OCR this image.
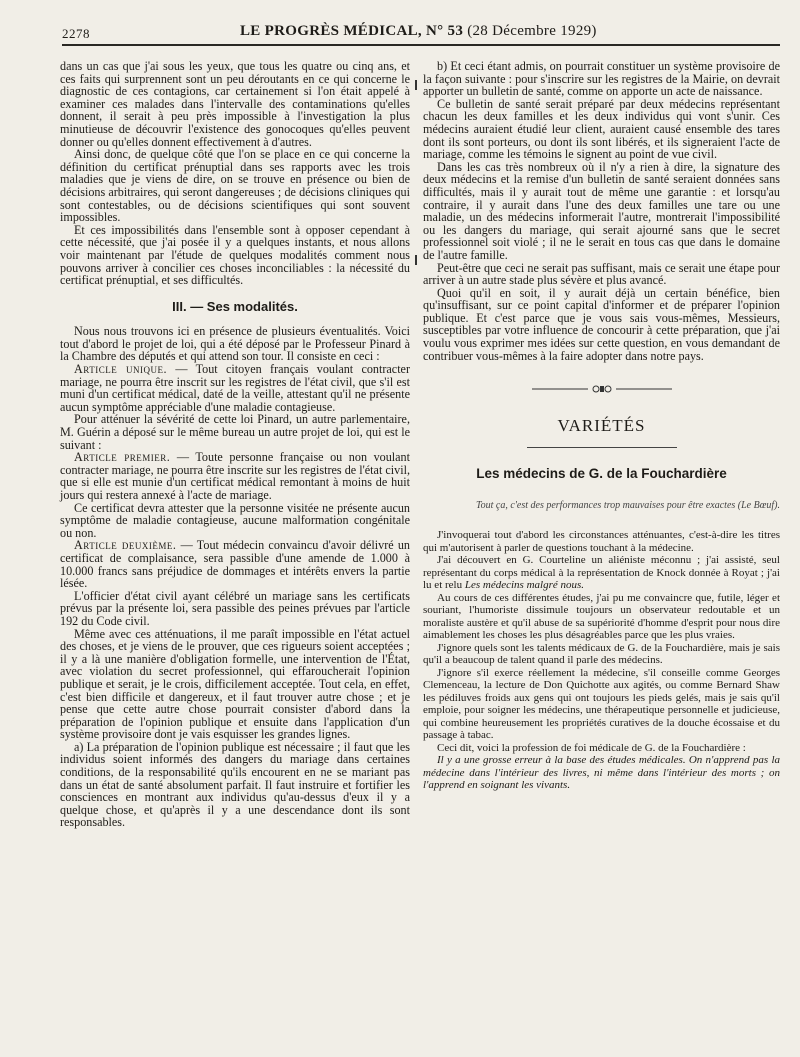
2278	LE PROGRÈS MÉDICAL, N° 53 (28 Décembre 1929)

dans un cas que j'ai sous les yeux, que tous les quatre ou cinq ans, et ces faits qui surprennent sont un peu déroutants en ce qui concerne le diagnostic de ces contagions, car certainement si l'on était appelé à examiner ces malades dans l'intervalle des contaminations qu'elles donnent, il serait à peu près impossible à l'investigation la plus minutieuse de découvrir l'existence des gonocoques qu'elles peuvent donner ou qu'elles donnent effectivement à d'autres.

Ainsi donc, de quelque côté que l'on se place en ce qui concerne la définition du certificat prénuptial dans ses rapports avec les trois maladies que je viens de dire, on se trouve en présence ou bien de décisions arbitraires, qui seront dangereuses ; de décisions cliniques qui sont contestables, ou de décisions scientifiques qui sont souvent impossibles.

Et ces impossibilités dans l'ensemble sont à opposer cependant à cette nécessité, que j'ai posée il y a quelques instants, et nous allons voir maintenant par l'étude de quelques modalités comment nous pouvons arriver à concilier ces choses inconciliables : la nécessité du certificat prénuptial, et ses difficultés.

III. — Ses modalités.

Nous nous trouvons ici en présence de plusieurs éventualités. Voici tout d'abord le projet de loi, qui a été déposé par le Professeur Pinard à la Chambre des députés et qui attend son tour. Il consiste en ceci :

Article unique. — Tout citoyen français voulant contracter mariage, ne pourra être inscrit sur les registres de l'état civil, que s'il est muni d'un certificat médical, daté de la veille, attestant qu'il ne présente aucun symptôme appréciable d'une maladie contagieuse.

Pour atténuer la sévérité de cette loi Pinard, un autre parlementaire, M. Guérin a déposé sur le même bureau un autre projet de loi, qui est le suivant :

Article premier. — Toute personne française ou non voulant contracter mariage, ne pourra être inscrite sur les registres de l'état civil, que si elle est munie d'un certificat médical remontant à moins de huit jours qui restera annexé à l'acte de mariage.

Ce certificat devra attester que la personne visitée ne présente aucun symptôme de maladie contagieuse, aucune malformation congénitale ou non.

Article deuxième. — Tout médecin convaincu d'avoir délivré un certificat de complaisance, sera passible d'une amende de 1.000 à 10.000 francs sans préjudice de dommages et intérêts envers la partie lésée.

L'officier d'état civil ayant célébré un mariage sans les certificats prévus par la présente loi, sera passible des peines prévues par l'article 192 du Code civil.

Même avec ces atténuations, il me paraît impossible en l'état actuel des choses, et je viens de le prouver, que ces rigueurs soient acceptées ; il y a là une manière d'obligation formelle, une intervention de l'État, avec violation du secret professionnel, qui effaroucherait l'opinion publique et serait, je le crois, difficilement acceptée. Tout cela, en effet, c'est bien difficile et dangereux, et il faut trouver autre chose ; et je pense que cette autre chose pourrait consister d'abord dans la préparation de l'opinion publique et ensuite dans l'application d'un système provisoire dont je vais esquisser les grandes lignes.

a) La préparation de l'opinion publique est nécessaire ; il faut que les individus soient informés des dangers du mariage dans certaines conditions, de la responsabilité qu'ils encourent en ne se mariant pas dans un état de santé absolument parfait. Il faut instruire et fortifier les consciences en montrant aux individus qu'au-dessus d'eux il y a quelque chose, et qu'après il y a une descendance dont ils sont responsables.

b) Et ceci étant admis, on pourrait constituer un système provisoire de la façon suivante : pour s'inscrire sur les registres de la Mairie, on devrait apporter un bulletin de santé, comme on apporte un acte de naissance.

Ce bulletin de santé serait préparé par deux médecins représentant chacun les deux familles et les deux individus qui vont s'unir. Ces médecins auraient étudié leur client, auraient causé ensemble des tares dont ils sont porteurs, ou dont ils sont libérés, et ils signeraient l'acte de mariage, comme les témoins le signent au point de vue civil.

Dans les cas très nombreux où il n'y a rien à dire, la signature des deux médecins et la remise d'un bulletin de santé seraient données sans difficultés, mais il y aurait tout de même une garantie : et lorsqu'au contraire, il y aurait dans l'une des deux familles une tare ou une maladie, un des médecins informerait l'autre, montrerait l'impossibilité ou les dangers du mariage, qui serait ajourné sans que le secret professionnel soit violé ; il ne le serait en tous cas que dans le domaine de l'autre famille.

Peut-être que ceci ne serait pas suffisant, mais ce serait une étape pour arriver à un autre stade plus sévère et plus avancé.

Quoi qu'il en soit, il y aurait déjà un certain bénéfice, bien qu'insuffisant, sur ce point capital d'informer et de préparer l'opinion publique. Et c'est parce que je vous sais vous-mêmes, Messieurs, susceptibles par votre influence de concourir à cette préparation, que j'ai voulu vous exprimer mes idées sur cette question, en vous demandant de contribuer vous-mêmes à la faire adopter dans notre pays.

VARIÉTÉS
Les médecins de G. de la Fouchardière
Tout ça, c'est des performances trop mauvaises pour être exactes (Le Bœuf).

J'invoquerai tout d'abord les circonstances atténuantes, c'est-à-dire les titres qui m'autorisent à parler de questions touchant à la médecine.

J'ai découvert en G. Courteline un aliéniste méconnu ; j'ai assisté, seul représentant du corps médical à la représentation de Knock donnée à Royat ; j'ai lu et relu Les médecins malgré nous.

Au cours de ces différentes études, j'ai pu me convaincre que, futile, léger et souriant, l'humoriste dissimule toujours un observateur redoutable et un moraliste austère et qu'il abuse de sa supériorité d'homme d'esprit pour nous dire aimablement les choses les plus désagréables parce que les plus vraies.

J'ignore quels sont les talents médicaux de G. de la Fouchardière, mais je sais qu'il a beaucoup de talent quand il parle des médecins.

J'ignore s'il exerce réellement la médecine, s'il conseille comme Georges Clemenceau, la lecture de Don Quichotte aux agités, ou comme Bernard Shaw les pédiluves froids aux gens qui ont toujours les pieds gelés, mais je sais qu'il emploie, pour soigner les médecins, une thérapeutique personnelle et judicieuse, qui combine heureusement les propriétés curatives de la douche écossaise et du passage à tabac.

Ceci dit, voici la profession de foi médicale de G. de la Fouchardière :

Il y a une grosse erreur à la base des études médicales. On n'apprend pas la médecine dans l'intérieur des livres, ni même dans l'intérieur des morts ; on l'apprend en soignant les vivants.
